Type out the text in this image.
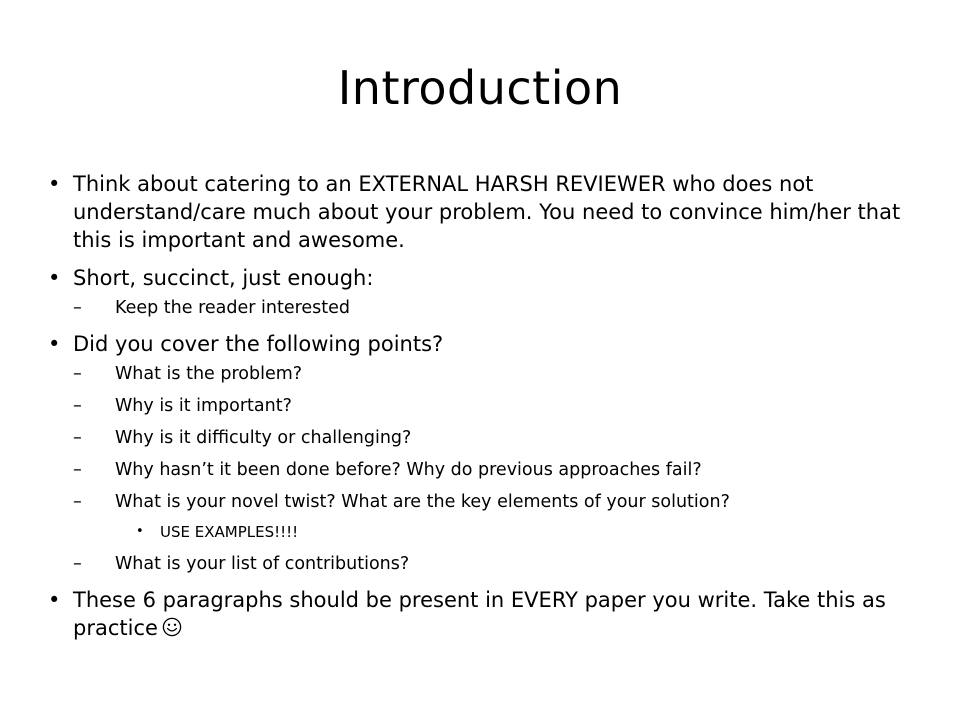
Introduction
• Think about catering to an EXTERNAL HARSH REVIEWER who does not understand/care much about your problem. You need to convince him/her that this is important and awesome.
• Short, succinct, just enough:
– Keep the reader interested
• Did you cover the following points?
– What is the problem?
– Why is it important?
– Why is it difficulty or challenging?
– Why hasn’t it been done before? Why do previous approaches fail?
– What is your novel twist? What are the key elements of your solution?
• USE EXAMPLES!!!!
– What is your list of contributions?
• These 6 paragraphs should be present in EVERY paper you write. Take this as practice
